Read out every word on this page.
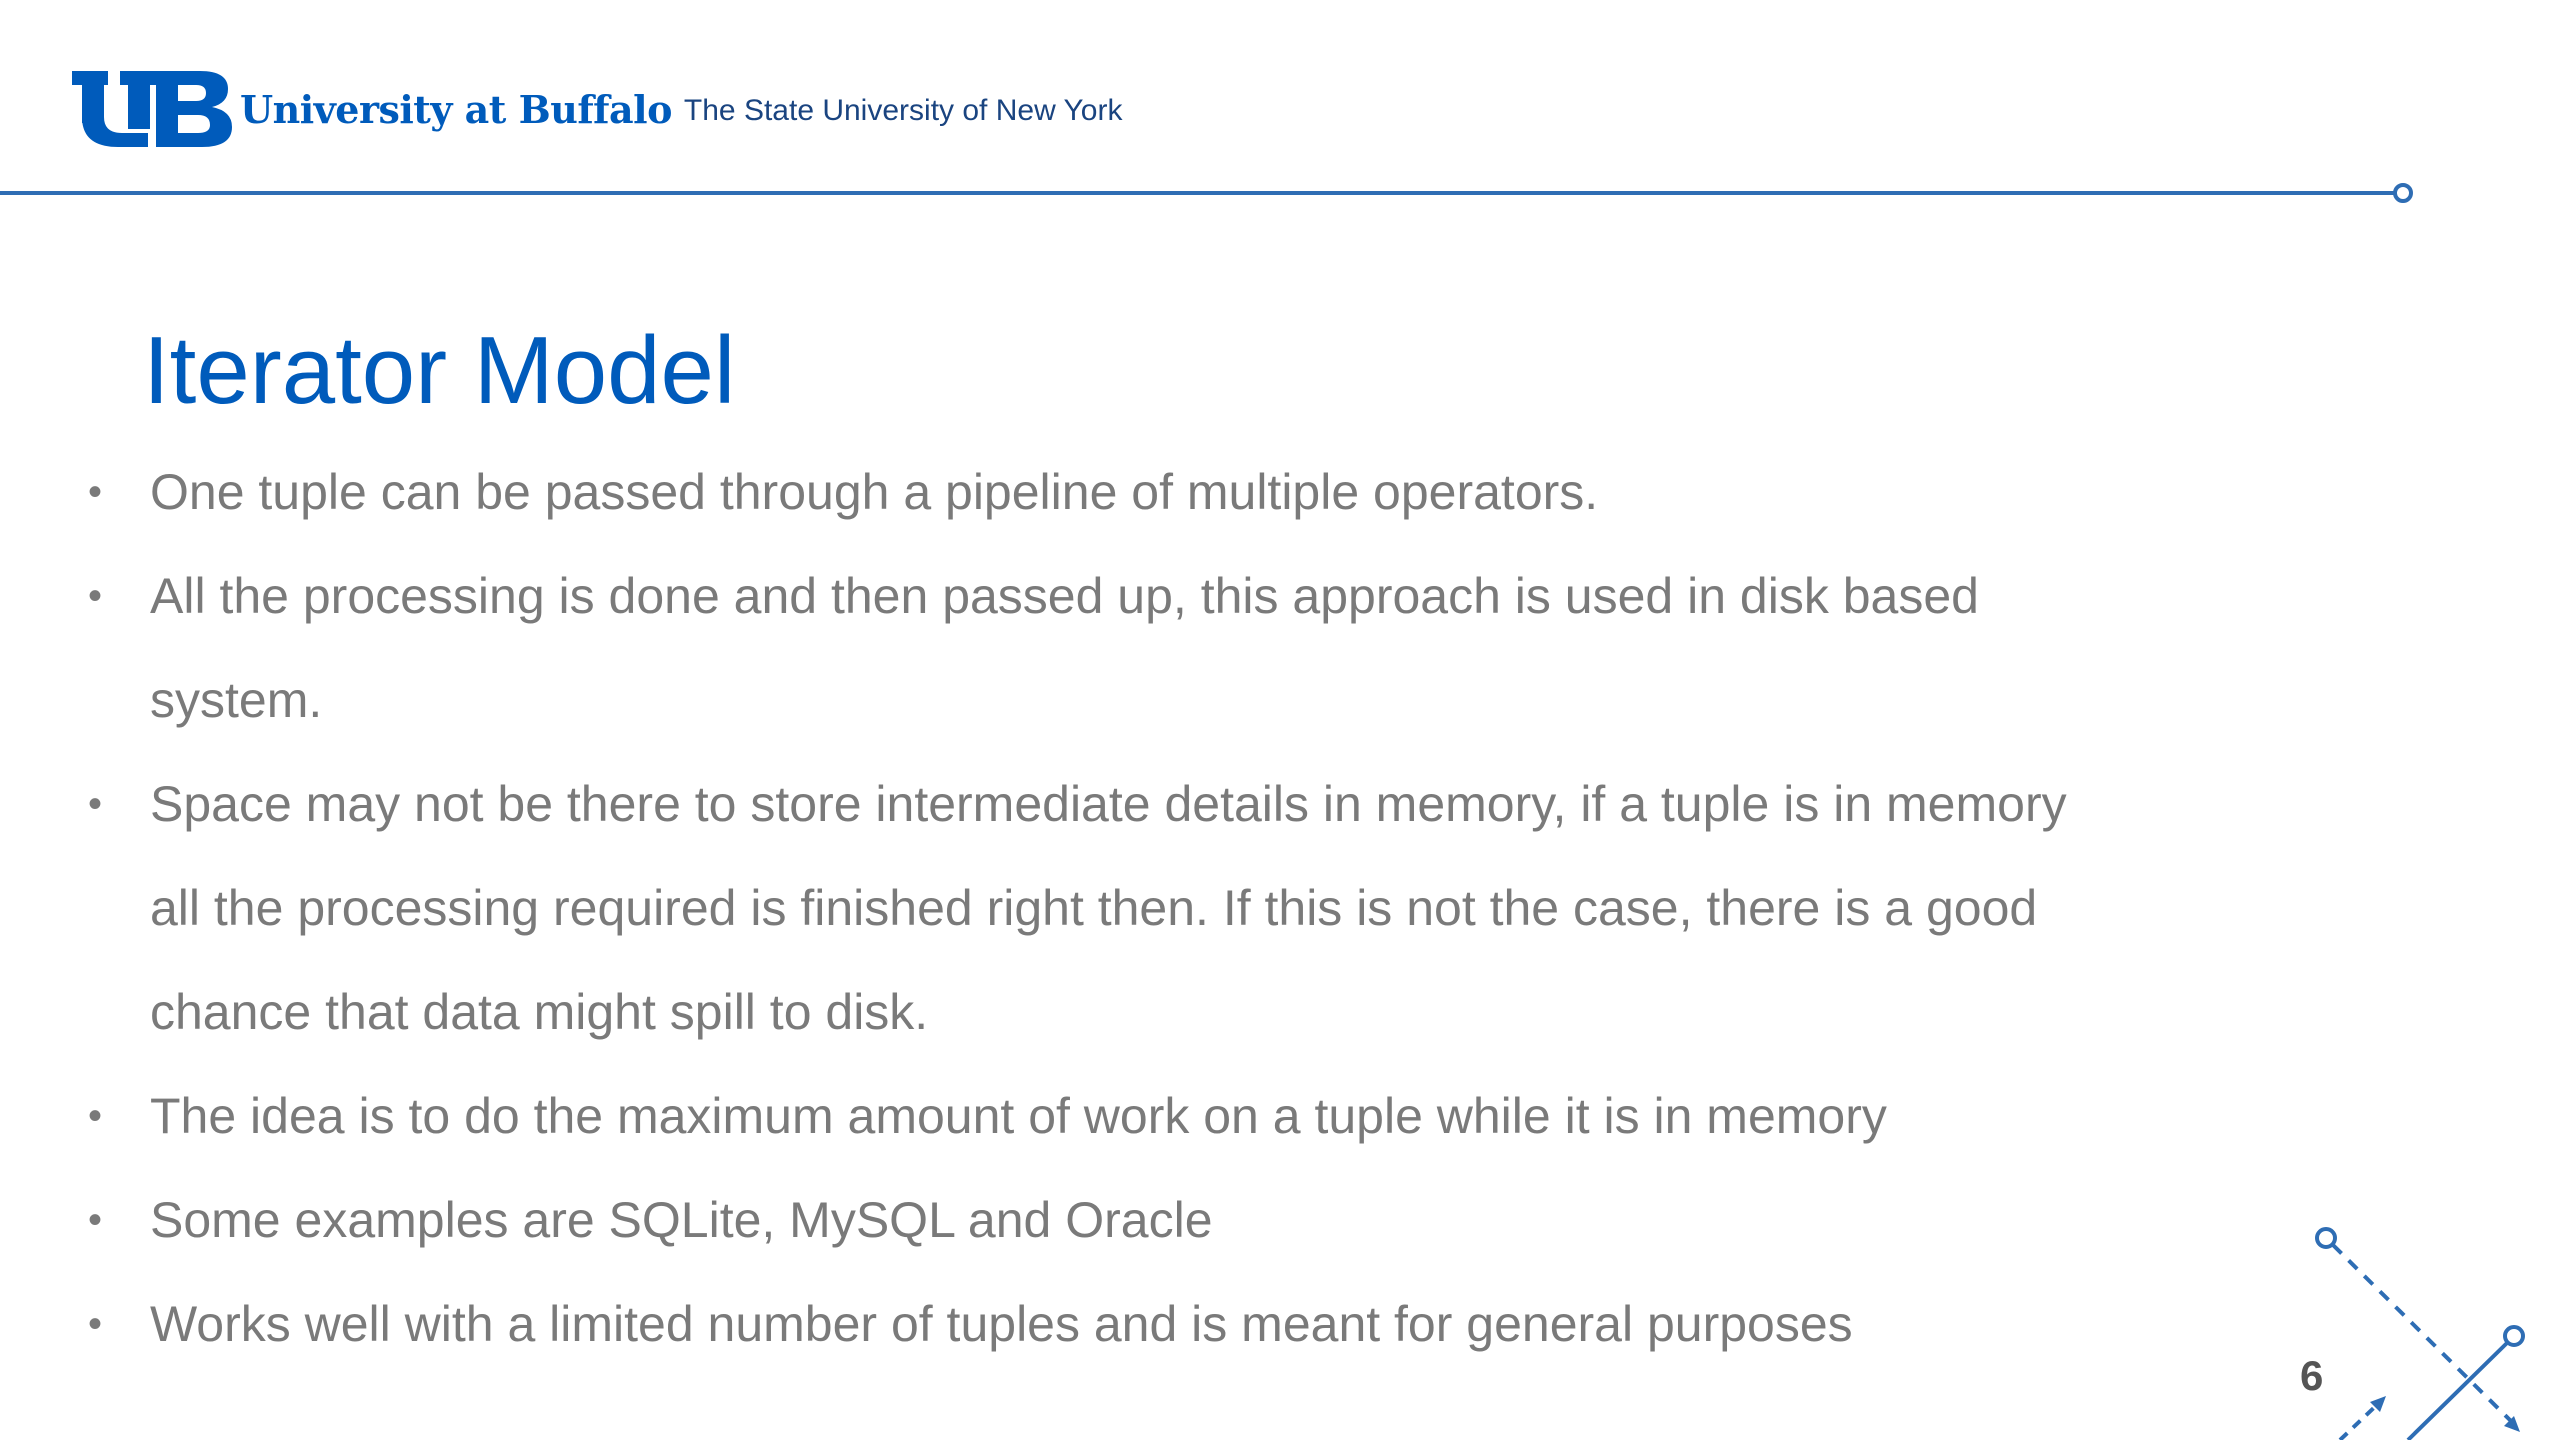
University at Buffalo The State University of New York
Iterator Model
• One tuple can be passed through a pipeline of multiple operators.
• All the processing is done and then passed up, this approach is used in disk based system.
• Space may not be there to store intermediate details in memory, if a tuple is in memory all the processing required is finished right then. If this is not the case, there is a good chance that data might spill to disk.
• The idea is to do the maximum amount of work on a tuple while it is in memory
• Some examples are SQLite, MySQL and Oracle
• Works well with a limited number of tuples and is meant for general purposes
6
